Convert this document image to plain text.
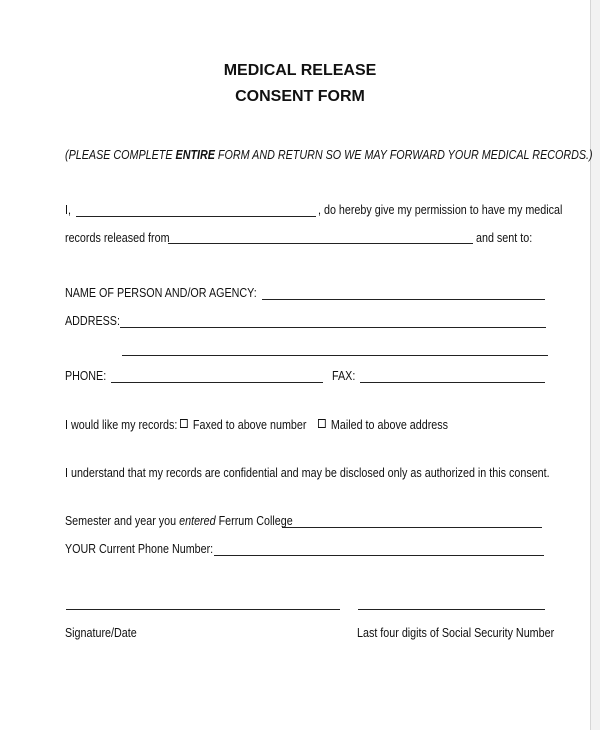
MEDICAL RELEASE
CONSENT FORM
(PLEASE COMPLETE ENTIRE FORM AND RETURN SO WE MAY FORWARD YOUR MEDICAL RECORDS.)
I,	, do hereby give my permission to have my medical
records released from	and sent to:
NAME OF PERSON AND/OR AGENCY:
ADDRESS:
PHONE:	FAX:
I would like my records:	Faxed to above number	Mailed to above address
I understand that my records are confidential and may be disclosed only as authorized in this consent.
Semester and year you entered Ferrum College
YOUR Current Phone Number:
Signature/Date	Last four digits of Social Security Number
